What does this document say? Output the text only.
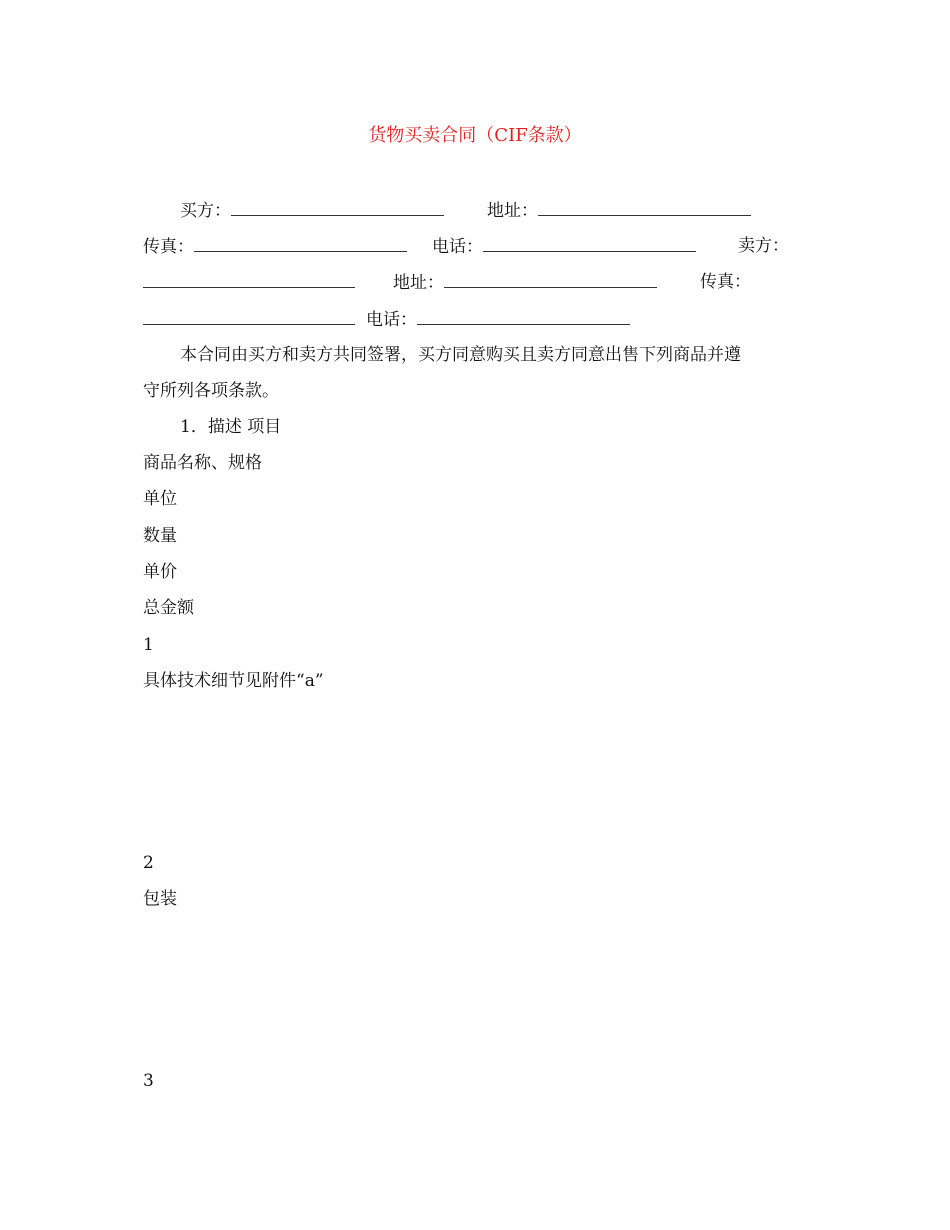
货物买卖合同（CIF条款）
买方：	地址：
传真：	电话：	卖方：
地址：	传真：
电话：
本合同由买方和卖方共同签署，买方同意购买且卖方同意出售下列商品并遵
守所列各项条款。
1．描述 项目
商品名称、规格
单位
数量
单价
总金额
1
具体技术细节见附件“a”
2
包装
3
